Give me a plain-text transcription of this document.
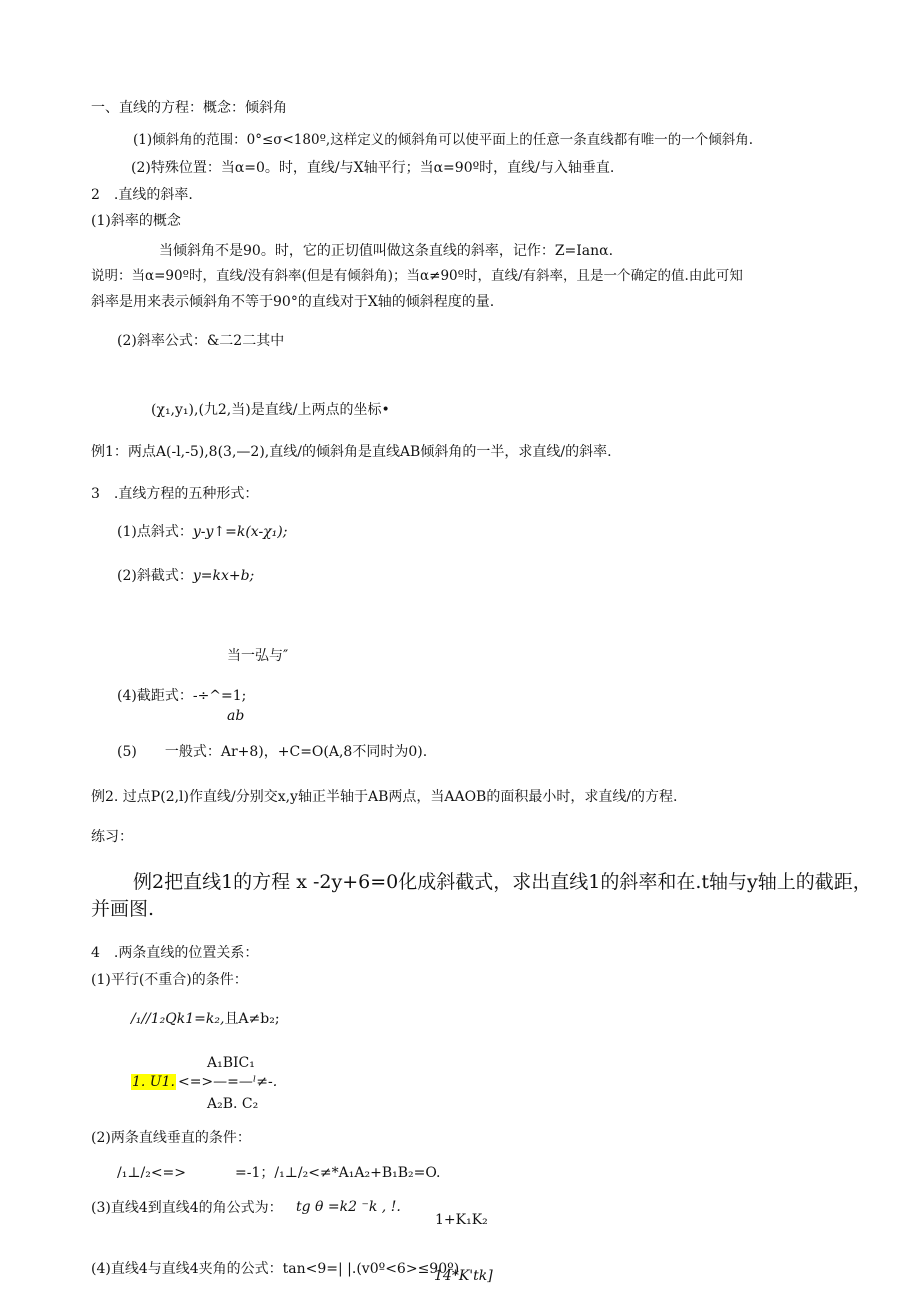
一、直线的方程：概念：倾斜角
(1)倾斜角的范围：0°≤σ<180º,这样定义的倾斜角可以使平面上的任意一条直线都有唯一的一个倾斜角.
(2)特殊位置：当α=0。时，直线/与X轴平行；当α=90º时，直线/与入轴垂直.
2　.直线的斜率.
(1)斜率的概念
当倾斜角不是90。时，它的正切值叫做这条直线的斜率，记作：Z=Ianα.
说明：当α=90º时，直线/没有斜率(但是有倾斜角)；当α≠90º时，直线/有斜率，且是一个确定的值.由此可知
斜率是用来表示倾斜角不等于90°的直线对于X轴的倾斜程度的量.
(2)斜率公式：&二2二其中
(χ₁,y₁),(九2,当)是直线/上两点的坐标•
例1：两点A(-l,-5),8(3,—2),直线/的倾斜角是直线AB倾斜角的一半，求直线/的斜率.
3　.直线方程的五种形式：
(1)点斜式：y-y↑=k(x-χ₁);
(2)斜截式：y=kx+b;
当一弘与″
(4)截距式：-÷^=1;
ab
(5) 一般式：Ar+8)，+C=O(A,8不同时为0).
例2. 过点P(2,l)作直线/分别交x,y轴正半轴于AB两点，当AAOB的面积最小时，求直线/的方程.
练习：
例2把直线1的方程 x -2y+6=0化成斜截式，求出直线1的斜率和在.t轴与y轴上的截距，
并画图.
4　.两条直线的位置关系：
(1)平行(不重合)的条件：
/₁//1₂Qk1=k₂,且A≠b₂;
A₁BIC₁
1. U1. <=>—=—ˡ≠-.
A₂B. C₂
(2)两条直线垂直的条件：
/₁⊥/₂<=>	=-1；/₁⊥/₂<≠*A₁A₂+B₁B₂=O.
(3)直线4到直线4的角公式为： tg θ =k2 ⁻k , !.
1+K₁K₂
(4)直线4与直线4夹角的公式：tan<9=| |.(v0º<6>≤90º)
14*K'tk]
